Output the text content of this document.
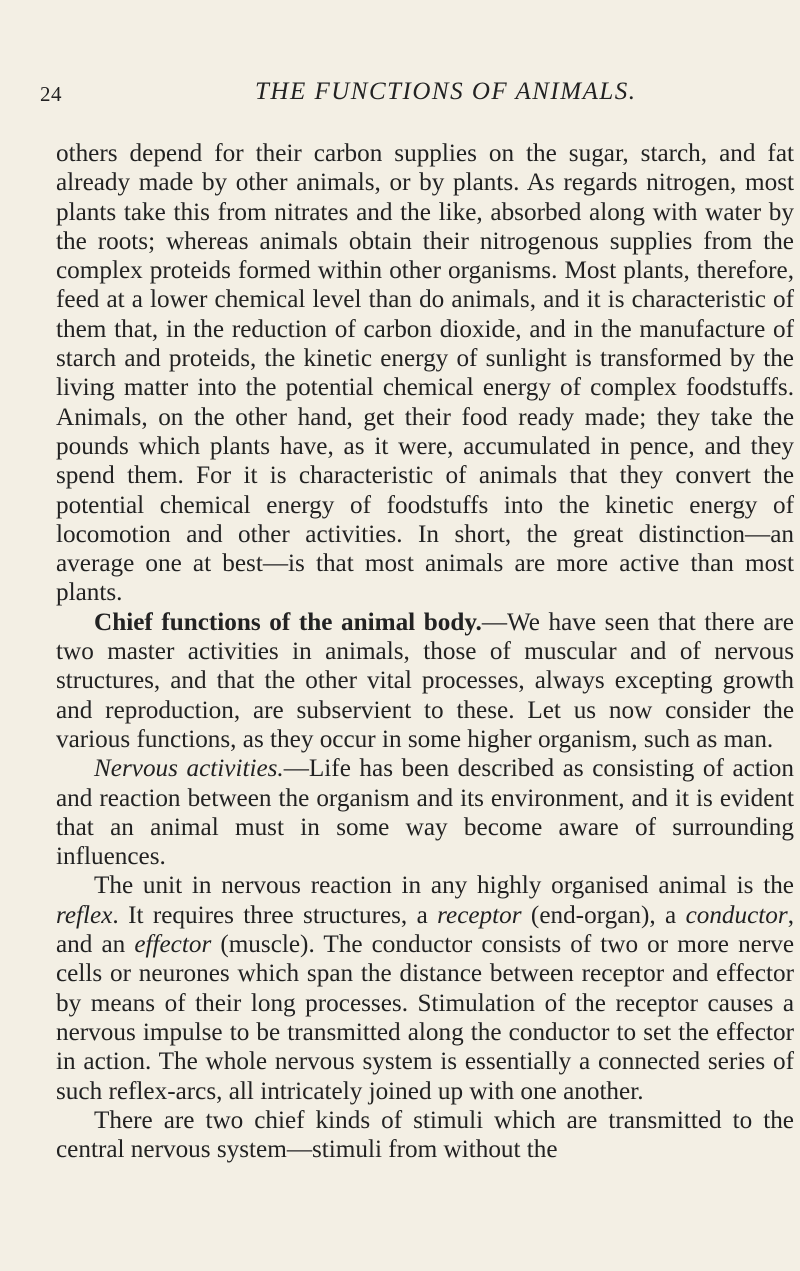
24	THE FUNCTIONS OF ANIMALS.

others depend for their carbon supplies on the sugar, starch, and fat already made by other animals, or by plants. As regards nitrogen, most plants take this from nitrates and the like, absorbed along with water by the roots; whereas animals obtain their nitrogenous supplies from the complex proteids formed within other organisms. Most plants, therefore, feed at a lower chemical level than do animals, and it is characteristic of them that, in the reduction of carbon dioxide, and in the manufacture of starch and proteids, the kinetic energy of sunlight is transformed by the living matter into the potential chemical energy of complex foodstuffs. Animals, on the other hand, get their food ready made; they take the pounds which plants have, as it were, accumulated in pence, and they spend them. For it is characteristic of animals that they convert the potential chemical energy of foodstuffs into the kinetic energy of locomotion and other activities. In short, the great distinction—an average one at best—is that most animals are more active than most plants.

Chief functions of the animal body.—We have seen that there are two master activities in animals, those of muscular and of nervous structures, and that the other vital processes, always excepting growth and reproduction, are subservient to these. Let us now consider the various functions, as they occur in some higher organism, such as man.

Nervous activities.—Life has been described as consisting of action and reaction between the organism and its environment, and it is evident that an animal must in some way become aware of surrounding influences.

The unit in nervous reaction in any highly organised animal is the reflex. It requires three structures, a receptor (end-organ), a conductor, and an effector (muscle). The conductor consists of two or more nerve cells or neurones which span the distance between receptor and effector by means of their long processes. Stimulation of the receptor causes a nervous impulse to be transmitted along the conductor to set the effector in action. The whole nervous system is essentially a connected series of such reflex-arcs, all intricately joined up with one another.

There are two chief kinds of stimuli which are transmitted to the central nervous system—stimuli from without the
